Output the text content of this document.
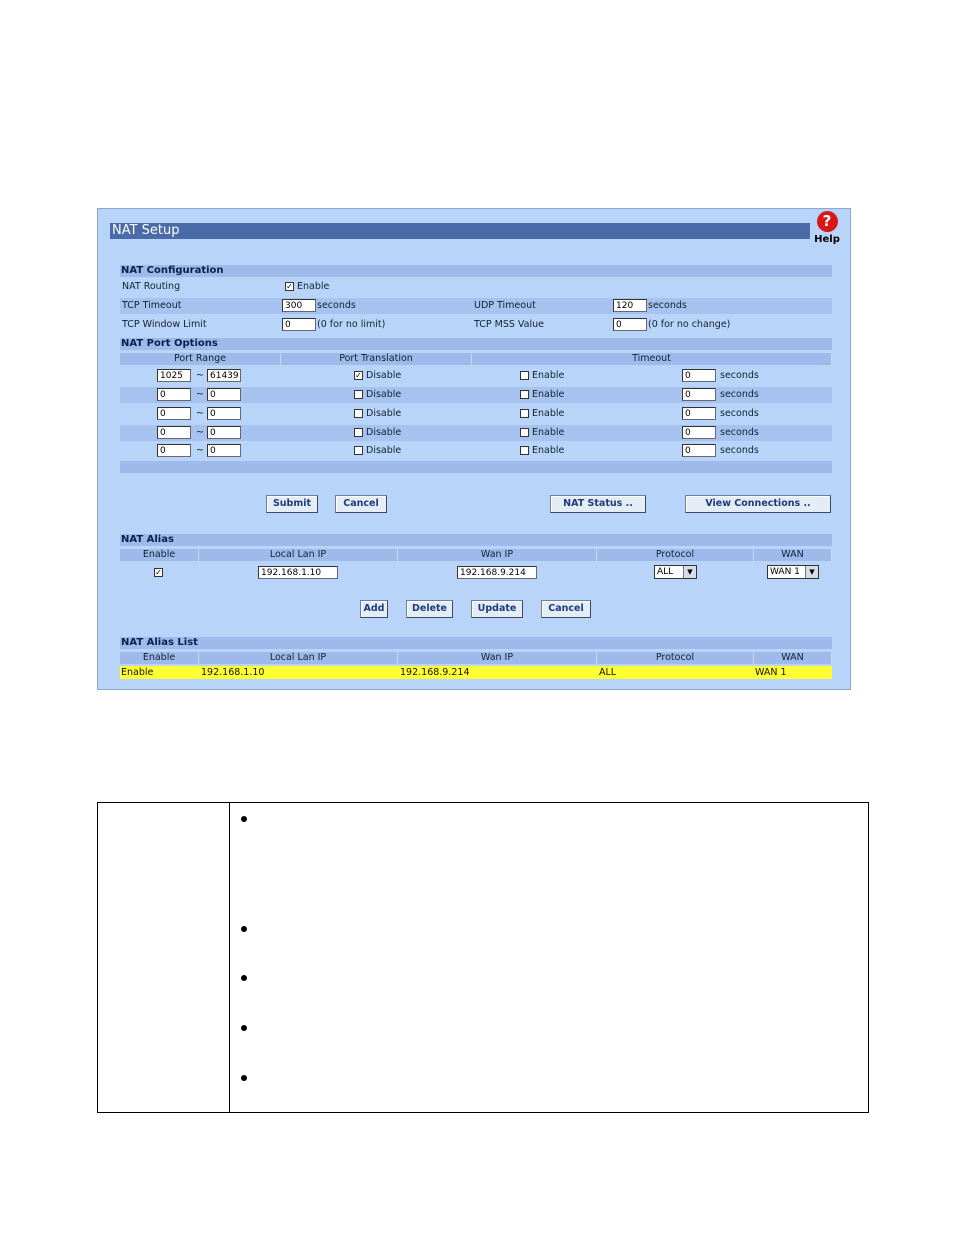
NAT Setup
?
Help
NAT Configuration
NAT Routing	✓ Enable
TCP Timeout	300	seconds	UDP Timeout	120	seconds
TCP Window Limit	0	(0 for no limit)	TCP MSS Value	0	(0 for no change)
NAT Port Options
Port Range	Port Translation	Timeout
1025	~ 61439	✓ Disable	Enable	0	seconds
0	~ 0	Disable	Enable	0	seconds
0	~ 0	Disable	Enable	0	seconds
0	~ 0	Disable	Enable	0	seconds
0	~ 0	Disable	Enable	0	seconds
Submit	Cancel	NAT Status ..	View Connections ..
NAT Alias
Enable	Local Lan IP	Wan IP	Protocol	WAN
✓	192.168.1.10	192.168.9.214	ALL	▼	WAN 1	▼
Add	Delete	Update	Cancel
NAT Alias List
Enable	Local Lan IP	Wan IP	Protocol	WAN
Enable	192.168.1.10	192.168.9.214	ALL	WAN 1
